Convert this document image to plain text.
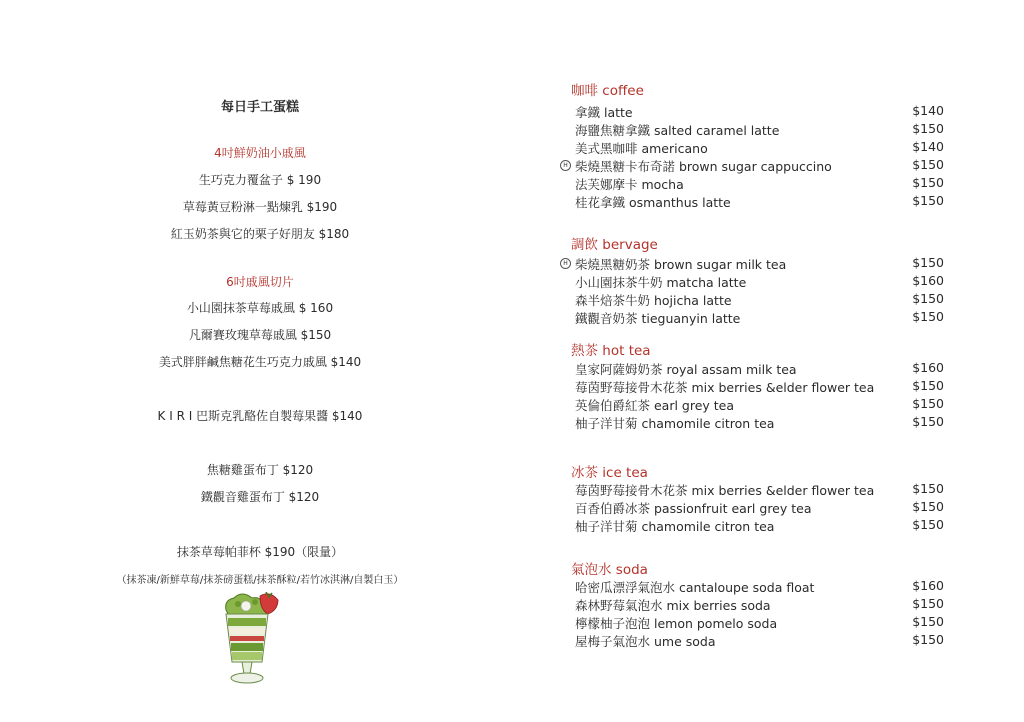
每日手工蛋糕
4吋鮮奶油小戚風
生巧克力覆盆子 $ 190
草莓黃豆粉淋一點煉乳 $190
紅玉奶茶與它的栗子好朋友 $180
6吋戚風切片
小山園抹茶草莓戚風 $ 160
凡爾賽玫瑰草莓戚風 $150
美式胖胖鹹焦糖花生巧克力戚風 $140
K I R I 巴斯克乳酪佐自製莓果醬 $140
焦糖雞蛋布丁 $120
鐵觀音雞蛋布丁 $120
抹茶草莓帕菲杯 $190（限量）
（抹茶凍/新鮮草莓/抹茶磅蛋糕/抹茶酥粒/若竹冰淇淋/自製白玉）
咖啡 coffee
拿鐵 latte	$140
海鹽焦糖拿鐵 salted caramel latte	$150
美式黑咖啡 americano	$140
H 柴燒黑糖卡布奇諾 brown sugar cappuccino	$150
法芙娜摩卡 mocha	$150
桂花拿鐵 osmanthus latte	$150
調飲 bervage
H 柴燒黑糖奶茶 brown sugar milk tea	$150
小山園抹茶牛奶 matcha latte	$160
森半焙茶牛奶 hojicha latte	$150
鐵觀音奶茶 tieguanyin latte	$150
熱茶 hot tea
皇家阿薩姆奶茶 royal assam milk tea	$160
莓茵野莓接骨木花茶 mix berries &elder flower tea	$150
英倫伯爵紅茶 earl grey tea	$150
柚子洋甘菊 chamomile citron tea	$150
冰茶 ice tea
莓茵野莓接骨木花茶 mix berries &elder flower tea	$150
百香伯爵冰茶 passionfruit earl grey tea	$150
柚子洋甘菊 chamomile citron tea	$150
氣泡水 soda
哈密瓜漂浮氣泡水 cantaloupe soda float	$160
森林野莓氣泡水 mix berries soda	$150
檸檬柚子泡泡 lemon pomelo soda	$150
屋梅子氣泡水 ume soda	$150
